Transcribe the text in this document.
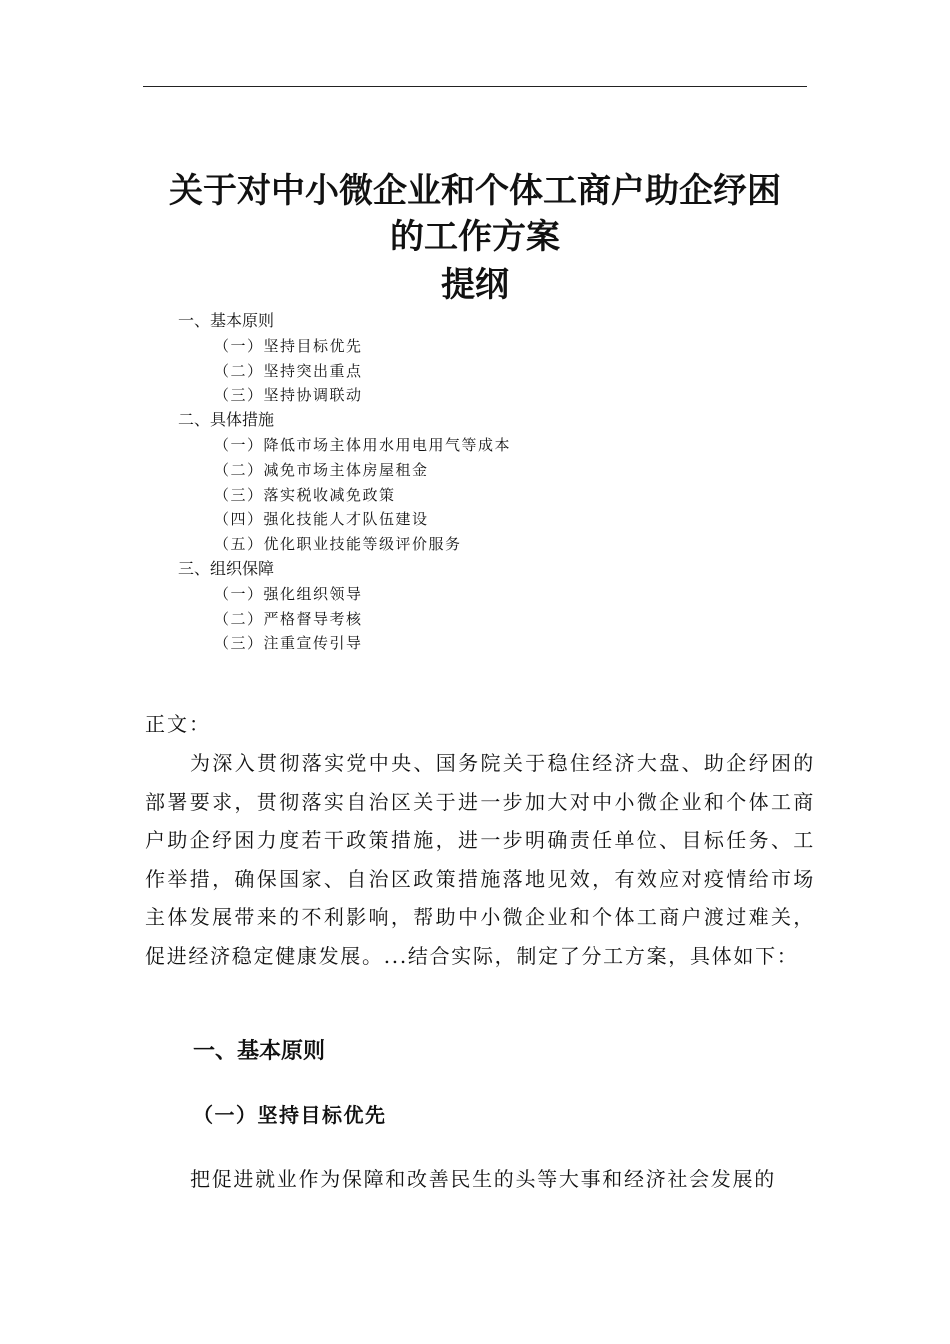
关于对中小微企业和个体工商户助企纾困
的工作方案
提纲
一、基本原则
（一）坚持目标优先
（二）坚持突出重点
（三）坚持协调联动
二、具体措施
（一）降低市场主体用水用电用气等成本
（二）减免市场主体房屋租金
（三）落实税收减免政策
（四）强化技能人才队伍建设
（五）优化职业技能等级评价服务
三、组织保障
（一）强化组织领导
（二）严格督导考核
（三）注重宣传引导

正文：

为深入贯彻落实党中央、国务院关于稳住经济大盘、助企纾困的部署要求，贯彻落实自治区关于进一步加大对中小微企业和个体工商户助企纾困力度若干政策措施，进一步明确责任单位、目标任务、工作举措，确保国家、自治区政策措施落地见效，有效应对疫情给市场主体发展带来的不利影响，帮助中小微企业和个体工商户渡过难关，促进经济稳定健康发展。...结合实际，制定了分工方案，具体如下：

一、基本原则
（一）坚持目标优先

把促进就业作为保障和改善民生的头等大事和经济社会发展的
